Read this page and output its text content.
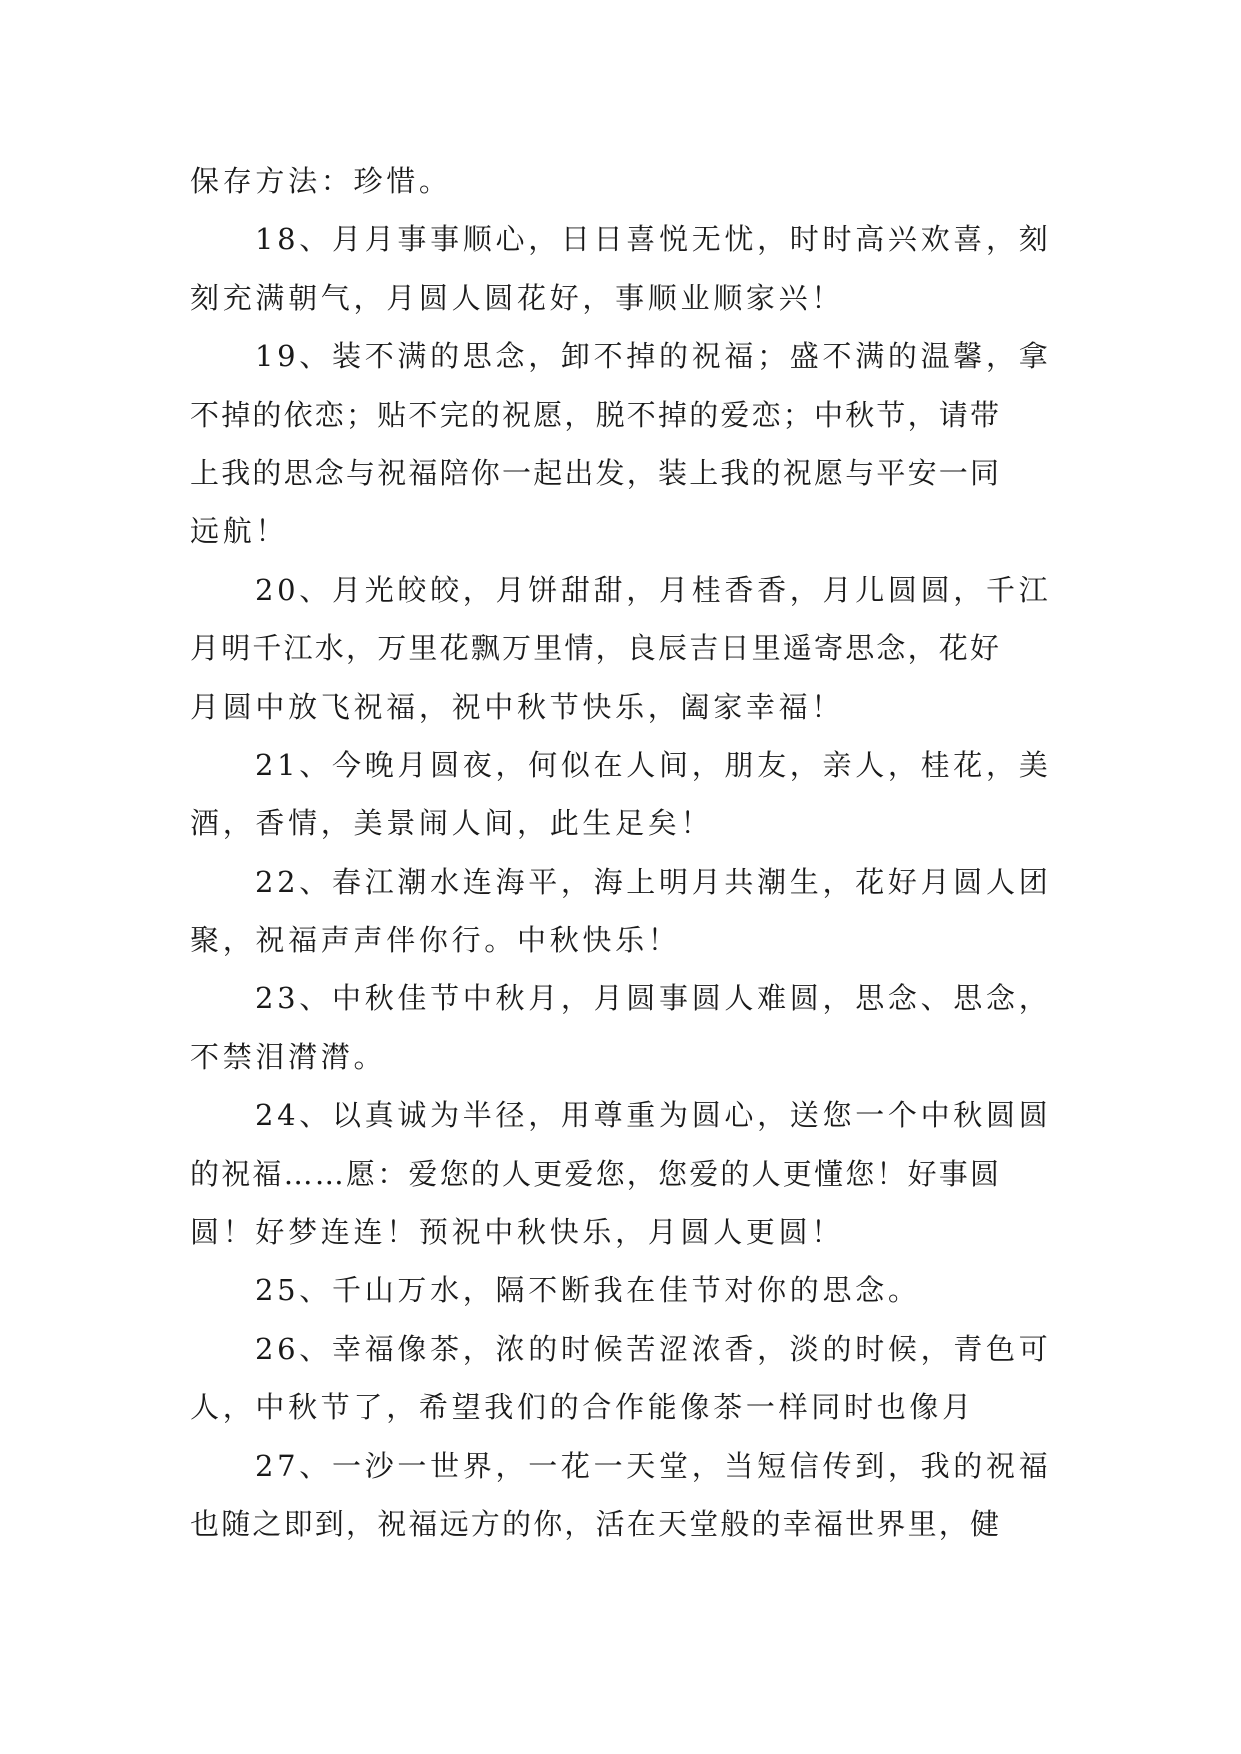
保存方法：珍惜。
18、月月事事顺心，日日喜悦无忧，时时高兴欢喜，刻
刻充满朝气，月圆人圆花好，事顺业顺家兴！
19、装不满的思念，卸不掉的祝福；盛不满的温馨，拿
不掉的依恋；贴不完的祝愿，脱不掉的爱恋；中秋节，请带
上我的思念与祝福陪你一起出发，装上我的祝愿与平安一同
远航！
20、月光皎皎，月饼甜甜，月桂香香，月儿圆圆，千江
月明千江水，万里花飘万里情，良辰吉日里遥寄思念，花好
月圆中放飞祝福，祝中秋节快乐，阖家幸福！
21、今晚月圆夜，何似在人间，朋友，亲人，桂花，美
酒，香情，美景闹人间，此生足矣！
22、春江潮水连海平，海上明月共潮生，花好月圆人团
聚，祝福声声伴你行。中秋快乐！
23、中秋佳节中秋月，月圆事圆人难圆，思念、思念，
不禁泪潸潸。
24、以真诚为半径，用尊重为圆心，送您一个中秋圆圆
的祝福……愿：爱您的人更爱您，您爱的人更懂您！好事圆
圆！好梦连连！预祝中秋快乐，月圆人更圆！
25、千山万水，隔不断我在佳节对你的思念。
26、幸福像茶，浓的时候苦涩浓香，淡的时候，青色可
人，中秋节了，希望我们的合作能像茶一样同时也像月
27、一沙一世界，一花一天堂，当短信传到，我的祝福
也随之即到，祝福远方的你，活在天堂般的幸福世界里，健
